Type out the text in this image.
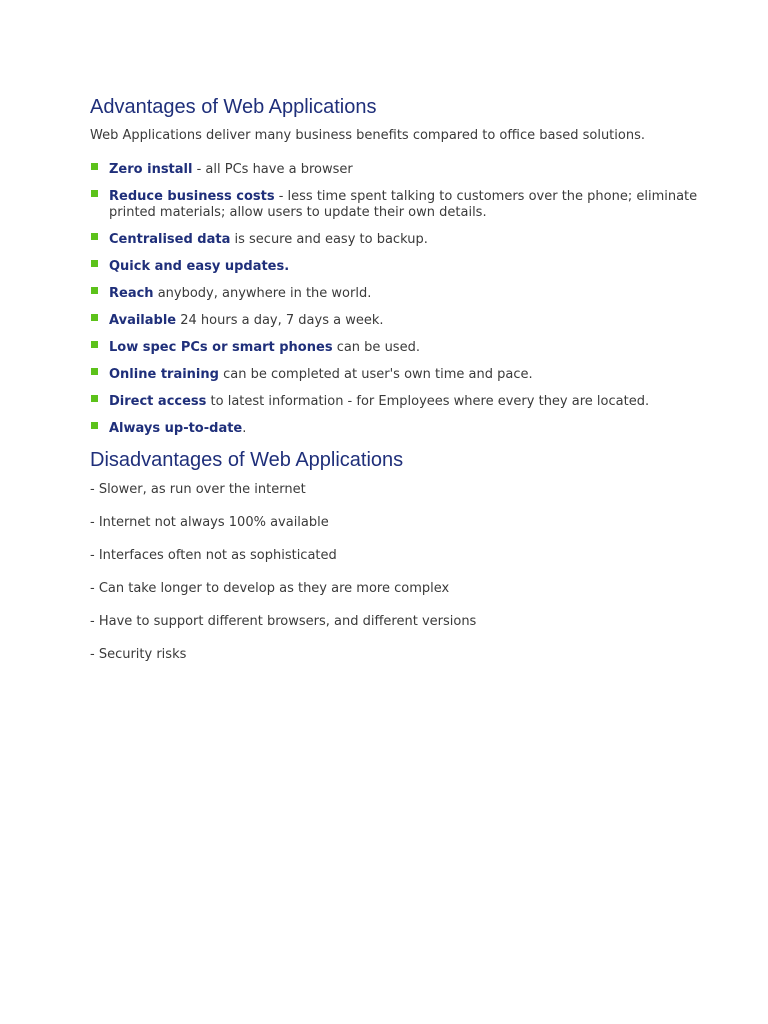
Advantages of Web Applications

Web Applications deliver many business benefits compared to office based solutions.

Zero install - all PCs have a browser
Reduce business costs - less time spent talking to customers over the phone; eliminate printed materials; allow users to update their own details.
Centralised data is secure and easy to backup.
Quick and easy updates.
Reach anybody, anywhere in the world.
Available 24 hours a day, 7 days a week.
Low spec PCs or smart phones can be used.
Online training can be completed at user's own time and pace.
Direct access to latest information - for Employees where every they are located.
Always up-to-date.
Disadvantages of Web Applications
- Slower, as run over the internet
- Internet not always 100% available
- Interfaces often not as sophisticated
- Can take longer to develop as they are more complex
- Have to support different browsers, and different versions
- Security risks
